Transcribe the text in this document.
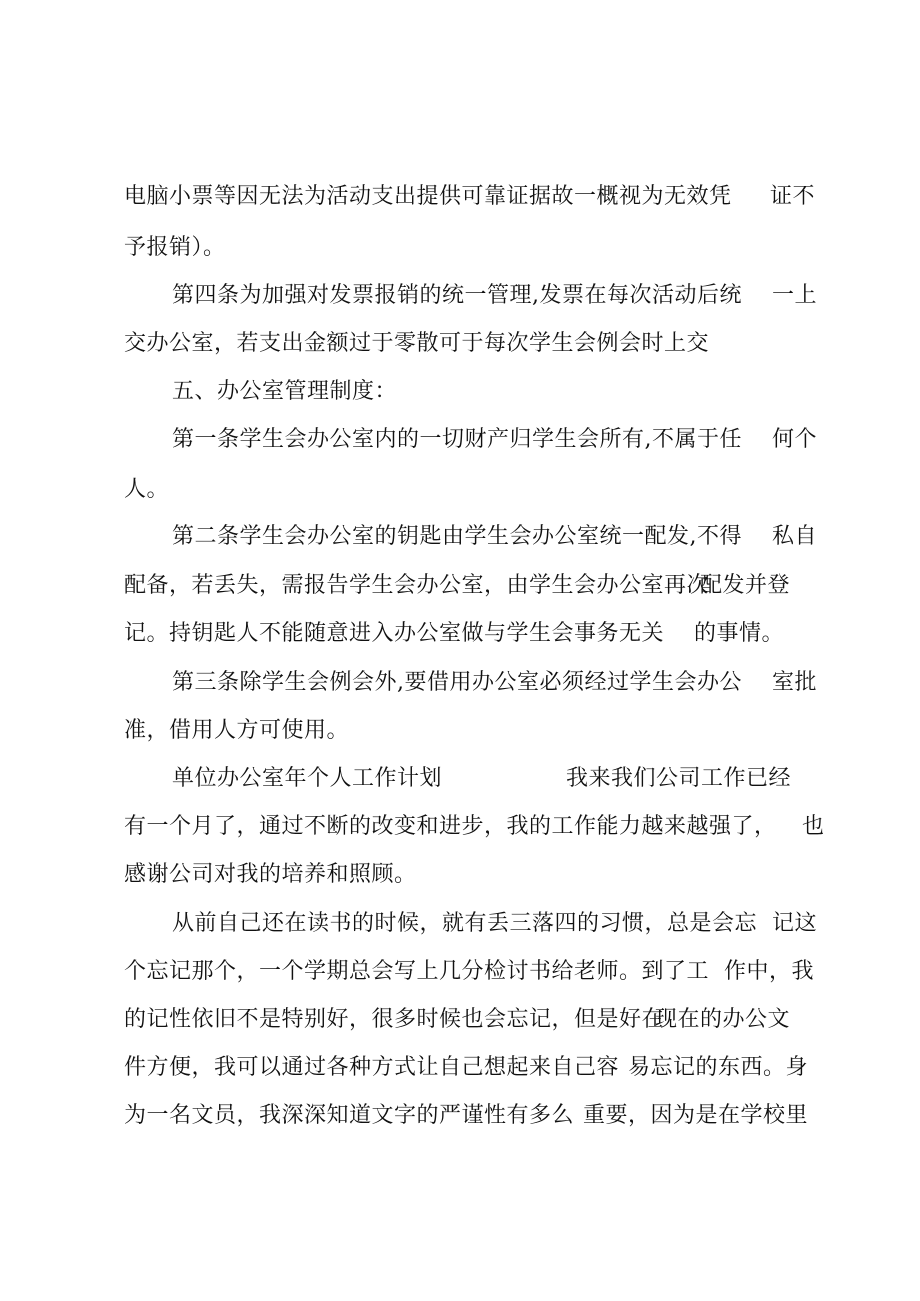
电脑小票等因无法为活动支出提供可靠证据故一概视为无效凭

证不

予报销）。

第四条为加强对发票报销的统一管理,发票在每次活动后统

一上

交办公室，若支出金额过于零散可于每次学生会例会时上交

五、办公室管理制度：

第一条学生会办公室内的一切财产归学生会所有,不属于任

何个

人。

第二条学生会办公室的钥匙由学生会办公室统一配发,不得

私自

配备，若丢失，需报告学生会办公室，由学生会办公室再次

配发并登

记。持钥匙人不能随意进入办公室做与学生会事务无关

的事情。

第三条除学生会例会外,要借用办公室必须经过学生会办公

室批

准，借用人方可使用。

单位办公室年个人工作计划

	我来我们公司工作已经

有一个月了，通过不断的改变和进步，我的工作能力越来越强了，

也

感谢公司对我的培养和照顾。

从前自己还在读书的时候，就有丢三落四的习惯，总是会忘

记这

个忘记那个，一个学期总会写上几分检讨书给老师。到了工

作中，我

的记性依旧不是特别好，很多时候也会忘记，但是好在

现在的办公文

件方便，我可以通过各种方式让自己想起来自己容

易忘记的东西。身

为一名文员，我深深知道文字的严谨性有多么

重要，因为是在学校里
